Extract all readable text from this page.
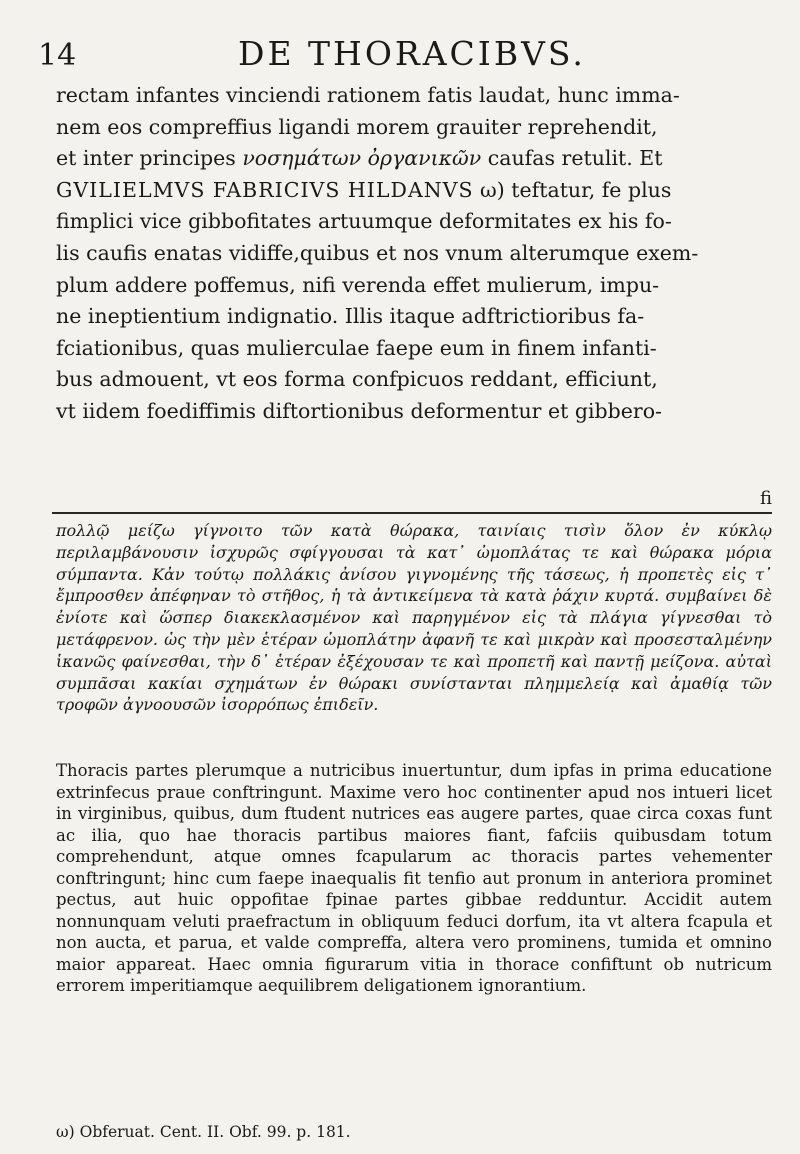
14	DE THORACIBVS.

rectam infantes vinciendi rationem fatis laudat, hunc imma-

nem eos compreffius ligandi morem grauiter reprehendit,

et inter principes νοσημάτων ὀργανικῶν caufas retulit. Et

GVILIELMVS FABRICIVS HILDANVS ω) teftatur, fe plus

fimplici vice gibbofitates artuumque deformitates ex his fo-

lis caufis enatas vidiffe,quibus et nos vnum alterumque exem-

plum addere poffemus, nifi verenda effet mulierum, impu-

ne ineptientium indignatio. Illis itaque adftrictioribus fa-

fciationibus, quas mulierculae faepe eum in finem infanti-

bus admouent, vt eos forma confpicuos reddant, efficiunt,

vt iidem foediffimis diftortionibus deformentur et gibbero-

fi

πολλῷ μείζω γίγνοιτο τῶν κατὰ θώρακα, ταινίαις τισὶν ὅλον ἐν κύκλῳ περιλαμβάνουσιν ἰσχυρῶς σφίγγουσαι τὰ κατ᾽ ὠμοπλάτας τε καὶ θώρακα μόρια σύμπαντα. Κἀν τούτῳ πολλάκις ἀνίσου γιγνομένης τῆς τάσεως, ἡ προπετὲς εἰς τ᾽ ἔμπροσθεν ἀπέφηναν τὸ στῆθος, ἡ τὰ ἀντικείμενα τὰ κατὰ ῥάχιν κυρτά. συμβαίνει δὲ ἐνίοτε καὶ ὥσπερ διακεκλασμένον καὶ παρηγμένον εἰς τὰ πλάγια γίγνεσθαι τὸ μετάφρενον. ὡς τὴν μὲν ἑτέραν ὠμοπλάτην ἀφανῆ τε καὶ μικρὰν καὶ προσεσταλμένην ἱκανῶς φαίνεσθαι, τὴν δ᾽ ἑτέραν ἐξέχουσαν τε καὶ προπετῆ καὶ παντῇ μείζονα. αὐταὶ συμπᾶσαι κακίαι σχημάτων ἐν θώρακι συνίστανται πλημμελείᾳ καὶ ἀμαθίᾳ τῶν τροφῶν ἀγνοουσῶν ἰσορρόπως ἐπιδεῖν.

Thoracis partes plerumque a nutricibus inuertuntur, dum ipfas in prima educatione extrinfecus praue conftringunt. Maxime vero hoc continenter apud nos intueri licet in virginibus, quibus, dum ftudent nutrices eas augere partes, quae circa coxas funt ac ilia, quo hae thoracis partibus maiores fiant, fafciis quibusdam totum comprehendunt, atque omnes fcapularum ac thoracis partes vehementer conftringunt; hinc cum faepe inaequalis fit tenfio aut pronum in anteriora prominet pectus, aut huic oppofitae fpinae partes gibbae redduntur. Accidit autem nonnunquam veluti praefractum in obliquum feduci dorfum, ita vt altera fcapula et non aucta, et parua, et valde compreffa, altera vero prominens, tumida et omnino maior appareat. Haec omnia figurarum vitia in thorace confiftunt ob nutricum errorem imperitiamque aequilibrem deligationem ignorantium.

ω) Obferuat. Cent. II. Obf. 99. p. 181.
